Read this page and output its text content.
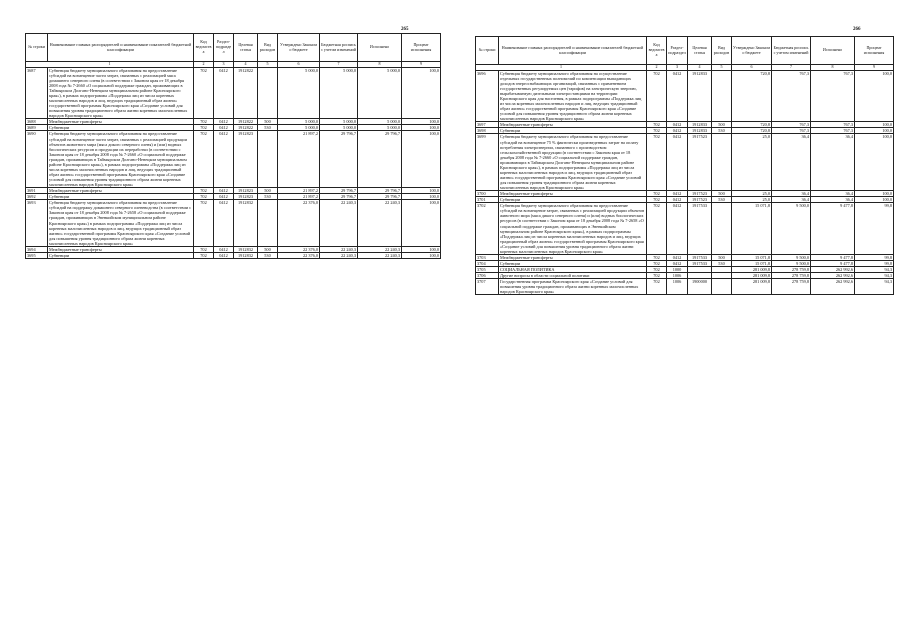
265
№ строки	Наименование главных распорядителей и наименование показателей бюджетной классификации	Код ведомства	Раздел-подраздел	Целевая статья	Вид расходов	Утверждено Законом о бюджете	Бюджетная роспись с учетом изменений	Исполнено	Процент исполнения
1		2	3	4	5	6	7	8	9
3687	Субвенция бюджету муниципального образования на предоставление субсидий на возмещение части затрат, связанных с реализацией мяса домашнего северного оленя (в соответствии с Законом края от 18 декабря 2008 года № 7-2660 «О социальной поддержке граждан, проживающих в Таймырском Долгано-Ненецком муниципальном районе Красноярского края»), в рамках подпрограммы «Поддержка лиц из числа коренных малочисленных народов и лиц, ведущих традиционный образ жизни» государственной программы Красноярского края «Создание условий для повышения уровня традиционного образа жизни коренных малочисленных народов Красноярского края»	702	0412	1912822		5 000,0	5 000,0	5 000,0	100,0
3688	Межбюджетные трансферты	702	0412	1912822	500	5 000,0	5 000,0	5 000,0	100,0
3689	Субвенции	702	0412	1912822	530	5 000,0	5 000,0	5 000,0	100,0
3690	Субвенция бюджету муниципального образования на предоставление субсидий на возмещение части затрат, связанных с реализацией продукции объектов животного мира (мяса дикого северного оленя) и (или) водных биологических ресурсов и продукции их переработки (в соответствии с Законом края от 18 декабря 2008 года № 7-2660 «О социальной поддержке граждан, проживающих в Таймырском Долгано-Ненецком муниципальном районе Красноярского края»), в рамках подпрограммы «Поддержка лиц из числа коренных малочисленных народов и лиц, ведущих традиционный образ жизни» государственной программы Красноярского края «Создание условий для повышения уровня традиционного образа жизни коренных малочисленных народов Красноярского края»	702	0412	1912823		21 897,2	29 796,7	29 796,7	100,0
3691	Межбюджетные трансферты	702	0412	1912823	500	21 897,2	29 796,7	29 796,7	100,0
3692	Субвенции	702	0412	1912823	530	21 897,2	29 796,7	29 796,7	100,0
3693	Субвенция бюджету муниципального образования на предоставление субсидий на поддержку домашнего северного оленеводства (в соответствии с Законом края от 18 декабря 2008 года № 7-2658 «О социальной поддержке граждан, проживающих в Эвенкийском муниципальном районе Красноярского края») в рамках подпрограммы «Поддержка лиц из числа коренных малочисленных народов и лиц, ведущих традиционный образ жизни» государственной программы Красноярского края «Создание условий для повышения уровня традиционного образа жизни коренных малочисленных народов Красноярского края»	702	0412	1912832		22 376,0	22 240,3	22 240,3	100,0
3694	Межбюджетные трансферты	702	0412	1912832	500	22 376,0	22 240,3	22 240,3	100,0
3695	Субвенции	702	0412	1912832	530	22 376,0	22 240,3	22 240,3	100,0
266
№ строки	Наименование главных распорядителей и наименование показателей бюджетной классификации	Код ведомства	Раздел-подраздел	Целевая статья	Вид расходов	Утверждено Законом о бюджете	Бюджетная роспись с учетом изменений	Исполнено	Процент исполнения
1		2	3	4	5	6	7	8	9
3696	Субвенция бюджету муниципального образования на осуществление отдельных государственных полномочий по компенсации выпадающих доходов энергоснабжающих организаций, связанных с применением государственных регулируемых цен (тарифов) на электрическую энергию, вырабатываемую дизельными электростанциями на территории Красноярского края для населения, в рамках подпрограммы «Поддержка лиц из числа коренных малочисленных народов и лиц, ведущих традиционный образ жизни» государственной программы Красноярского края «Создание условий для повышения уровня традиционного образа жизни коренных малочисленных народов Красноярского края»	702	0412	1912833		720,8	767,3	767,3	100,0
3697	Межбюджетные трансферты	702	0412	1912833	500	720,8	767,3	767,3	100,0
3698	Субвенции	702	0412	1912833	530	720,8	767,3	767,3	100,0
3699	Субвенция бюджету муниципального образования на предоставление субсидий на возмещение 75 % фактически произведенных затрат на оплату потребления электроэнергии, связанного с производством сельскохозяйственной продукции (в соответствии с Законом края от 18 декабря 2008 года № 7-2660 «О социальной поддержке граждан, проживающих в Таймырском Долгано-Ненецком муниципальном районе Красноярского края»), в рамках подпрограммы «Поддержка лиц из числа коренных малочисленных народов и лиц, ведущих традиционный образ жизни» государственной программы Красноярского края «Создание условий для повышения уровня традиционного образа жизни коренных малочисленных народов Красноярского края»	702	0412	1917523		25,0	36,4	36,4	100,0
3700	Межбюджетные трансферты	702	0412	1917523	500	25,0	36,4	36,4	100,0
3701	Субвенции	702	0412	1917523	530	25,0	36,4	36,4	100,0
3702	Субвенция бюджету муниципального образования на предоставление субсидий на возмещение затрат, связанных с реализацией продукции объектов животного мира (мяса дикого северного оленя) и (или) водных биологических ресурсов (в соответствии с Законом края от 18 декабря 2008 года № 7-2658 «О социальной поддержке граждан, проживающих в Эвенкийском муниципальном районе Красноярского края»), в рамках подпрограммы «Поддержка лиц из числа коренных малочисленных народов и лиц, ведущих традиционный образ жизни» государственной программы Красноярского края «Создание условий для повышения уровня традиционного образа жизни коренных малочисленных народов Красноярского края»	702	0412	1917533		15 071,8	9 500,0	9 477,8	99,8
3703	Межбюджетные трансферты	702	0412	1917533	500	15 071,8	9 500,0	9 477,8	99,8
3704	Субвенции	702	0412	1917533	530	15 071,8	9 500,0	9 477,8	99,8
3705	СОЦИАЛЬНАЯ ПОЛИТИКА	702	1000			281 009,8	278 759,8	262 992,6	94,3
3706	Другие вопросы в области социальной политики	702	1006			281 009,8	278 759,8	262 992,6	94,3
3707	Государственная программа Красноярского края «Создание условий для повышения уровня традиционного образа жизни коренных малочисленных народов Красноярского края»	702	1006	1900000		281 009,8	278 759,8	262 992,6	94,3
